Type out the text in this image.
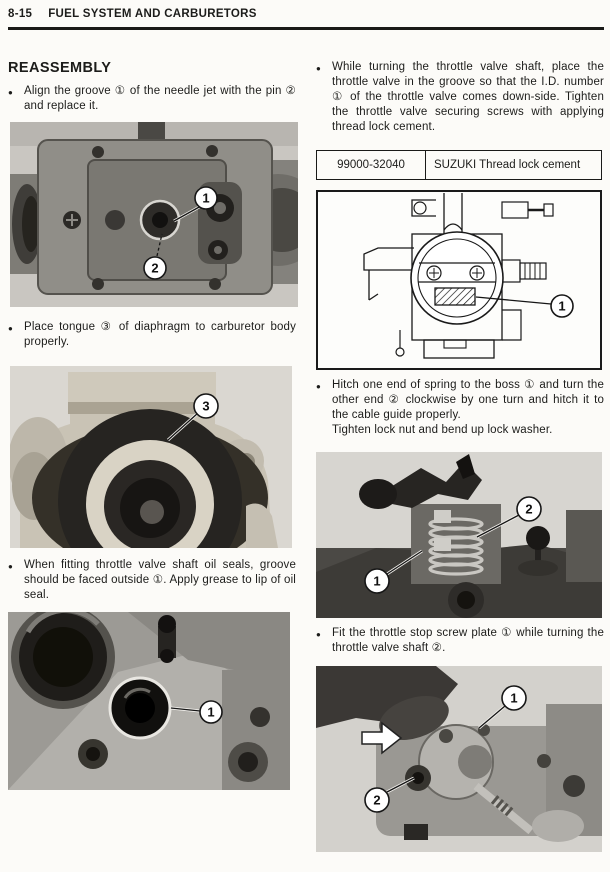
8-15 FUEL SYSTEM AND CARBURETORS
REASSEMBLY
●
Align the groove ① of the needle jet with the pin ② and replace it.
1
2
●
Place tongue ③ of diaphragm to carburetor body properly.
3
●
When fitting throttle valve shaft oil seals, groove should be faced outside ①. Apply grease to lip of oil seal.
1
●
While turning the throttle valve shaft, place the throttle valve in the groove so that the I.D. number ① of the throttle valve comes down-side. Tighten the throttle valve securing screws with applying thread lock cement.
99000-32040	SUZUKI Thread lock cement
1
●

Hitch one end of spring to the boss ① and turn the other end ② clockwise by one turn and hitch it to the cable guide properly.

Tighten lock nut and bend up lock washer.

2
1
●
Fit the throttle stop screw plate ① while turning the throttle valve shaft ②.
1
2
